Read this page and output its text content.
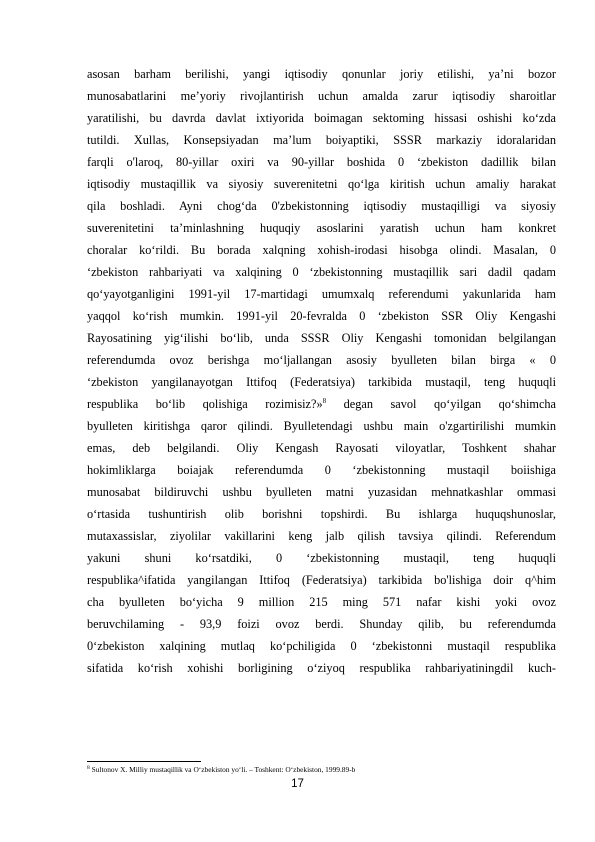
asosan barham berilishi, yangi iqtisodiy qonunlar joriy etilishi, ya’ni bozor
munosabatlarini me’yoriy rivojlantirish uchun amalda zarur iqtisodiy sharoitlar
yaratilishi, bu davrda davlat ixtiyorida boimagan sektoming hissasi oshishi ko‘zda
tutildi. Xullas, Konsepsiyadan ma’lum boiyaptiki, SSSR markaziy idoralaridan
farqli o'laroq, 80-yillar oxiri va 90-yillar boshida 0 ‘zbekiston dadillik bilan
iqtisodiy mustaqillik va siyosiy suverenitetni qo‘lga kiritish uchun amaliy harakat
qila boshladi. Ayni chog‘da 0'zbekistonning iqtisodiy mustaqilligi va siyosiy
suverenitetini ta’minlashning huquqiy asoslarini yaratish uchun ham konkret
choralar ko‘rildi. Bu borada xalqning xohish-irodasi hisobga olindi. Masalan, 0
‘zbekiston rahbariyati va xalqining 0 ‘zbekistonning mustaqillik sari dadil qadam
qo‘yayotganligini 1991-yil 17-martidagi umumxalq referendumi yakunlarida ham
yaqqol ko‘rish mumkin. 1991-yil 20-fevralda 0 ‘zbekiston SSR Oliy Kengashi
Rayosatining yig‘ilishi bo‘lib, unda SSSR Oliy Kengashi tomonidan belgilangan
referendumda ovoz berishga mo‘ljallangan asosiy byulleten bilan birga « 0
‘zbekiston yangilanayotgan Ittifoq (Federatsiya) tarkibida mustaqil, teng huquqli
respublika bo‘lib qolishiga rozimisiz?»$^8$ degan savol qo‘yilgan qo‘shimcha
byulleten kiritishga qaror qilindi. Byulletendagi ushbu main o'zgartirilishi mumkin
emas, deb belgilandi. Oliy Kengash Rayosati viloyatlar, Toshkent shahar
hokimliklarga boiajak referendumda 0 ‘zbekistonning mustaqil boiishiga
munosabat bildiruvchi ushbu byulleten matni yuzasidan mehnatkashlar ommasi
o‘rtasida tushuntirish olib borishni topshirdi. Bu ishlarga huquqshunoslar,
mutaxassislar, ziyolilar vakillarini keng jalb qilish tavsiya qilindi. Referendum
yakuni shuni ko‘rsatdiki, 0 ‘zbekistonning mustaqil, teng huquqli
respublika^ifatida yangilangan Ittifoq (Federatsiya) tarkibida bo'lishiga doir q^him
cha byulleten bo‘yicha 9 million 215 ming 571 nafar kishi yoki ovoz
beruvchilaming - 93,9 foizi ovoz berdi. Shunday qilib, bu referendumda
0‘zbekiston xalqining mutlaq ko‘pchiligida 0 ‘zbekistonni mustaqil respublika
sifatida ko‘rish xohishi borligining o‘ziyoq respublika rahbariyatiningdil kuch-
$^8$ Sultonov X. Milliy mustaqillik va O‘zbekiston yo‘li. – Toshkent: O‘zbekiston, 1999.89-b
17
